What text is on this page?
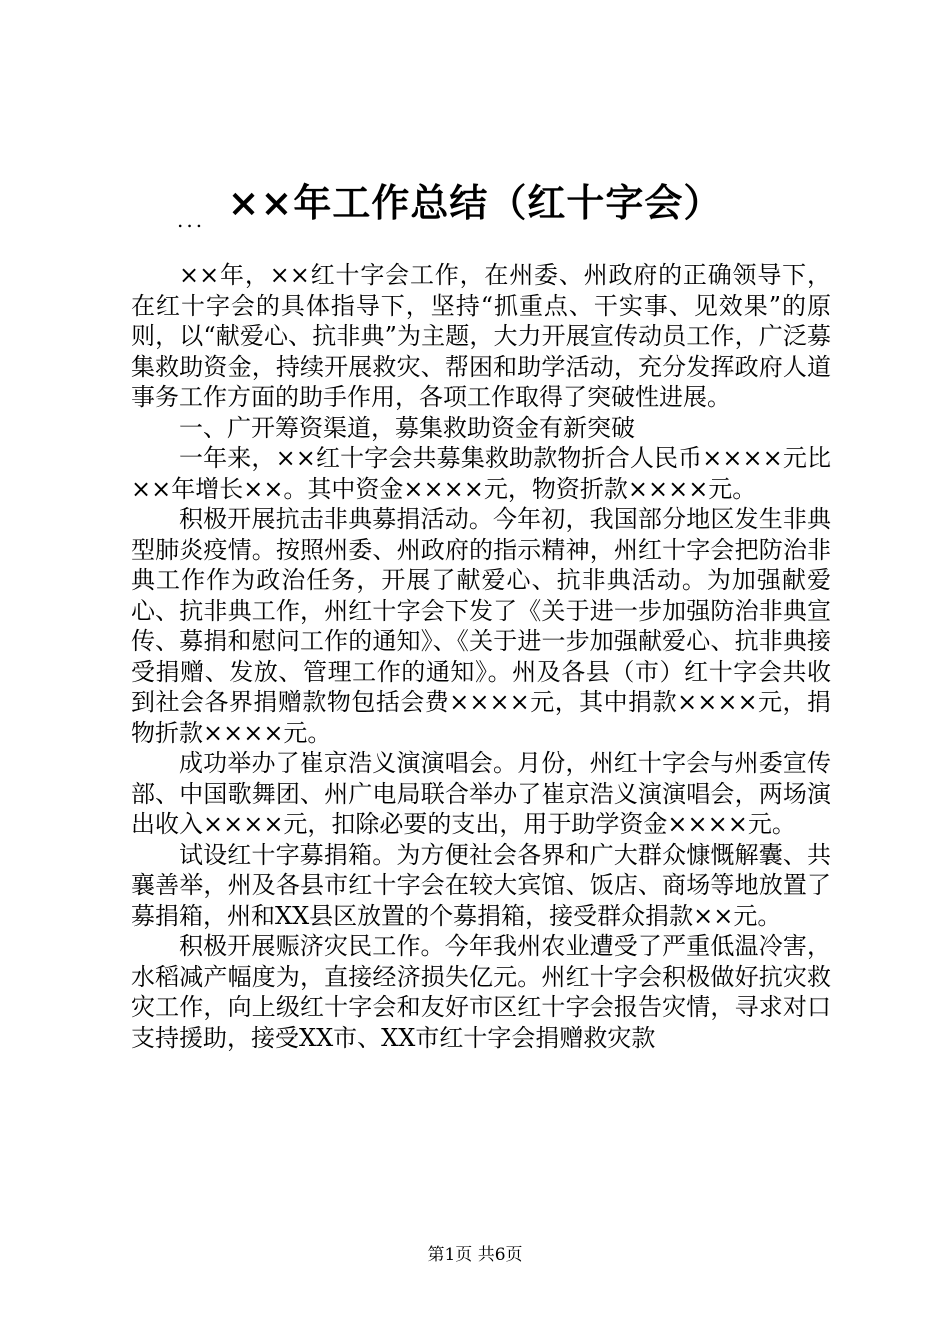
××年工作总结（红十字会）
...

××年，××红十字会工作，在州委、州政府的正确领导下，在红十字会的具体指导下，坚持“抓重点、干实事、见效果”的原则，以“献爱心、抗非典”为主题，大力开展宣传动员工作，广泛募集救助资金，持续开展救灾、帮困和助学活动，充分发挥政府人道事务工作方面的助手作用，各项工作取得了突破性进展。

一、广开筹资渠道，募集救助资金有新突破

一年来，××红十字会共募集救助款物折合人民币××××元比××年增长××。其中资金××××元，物资折款××××元。

积极开展抗击非典募捐活动。今年初，我国部分地区发生非典型肺炎疫情。按照州委、州政府的指示精神，州红十字会把防治非典工作作为政治任务，开展了献爱心、抗非典活动。为加强献爱心、抗非典工作，州红十字会下发了《关于进一步加强防治非典宣传、募捐和慰问工作的通知》、《关于进一步加强献爱心、抗非典接受捐赠、发放、管理工作的通知》。州及各县（市）红十字会共收到社会各界捐赠款物包括会费××××元，其中捐款××××元，捐物折款××××元。

成功举办了崔京浩义演演唱会。月份，州红十字会与州委宣传部、中国歌舞团、州广电局联合举办了崔京浩义演演唱会，两场演出收入××××元，扣除必要的支出，用于助学资金××××元。

试设红十字募捐箱。为方便社会各界和广大群众慷慨解囊、共襄善举，州及各县市红十字会在较大宾馆、饭店、商场等地放置了募捐箱，州和XX县区放置的个募捐箱，接受群众捐款××元。

积极开展赈济灾民工作。今年我州农业遭受了严重低温冷害，水稻减产幅度为，直接经济损失亿元。州红十字会积极做好抗灾救灾工作，向上级红十字会和友好市区红十字会报告灾情，寻求对口支持援助，接受XX市、XX市红十字会捐赠救灾款

第1页 共6页
